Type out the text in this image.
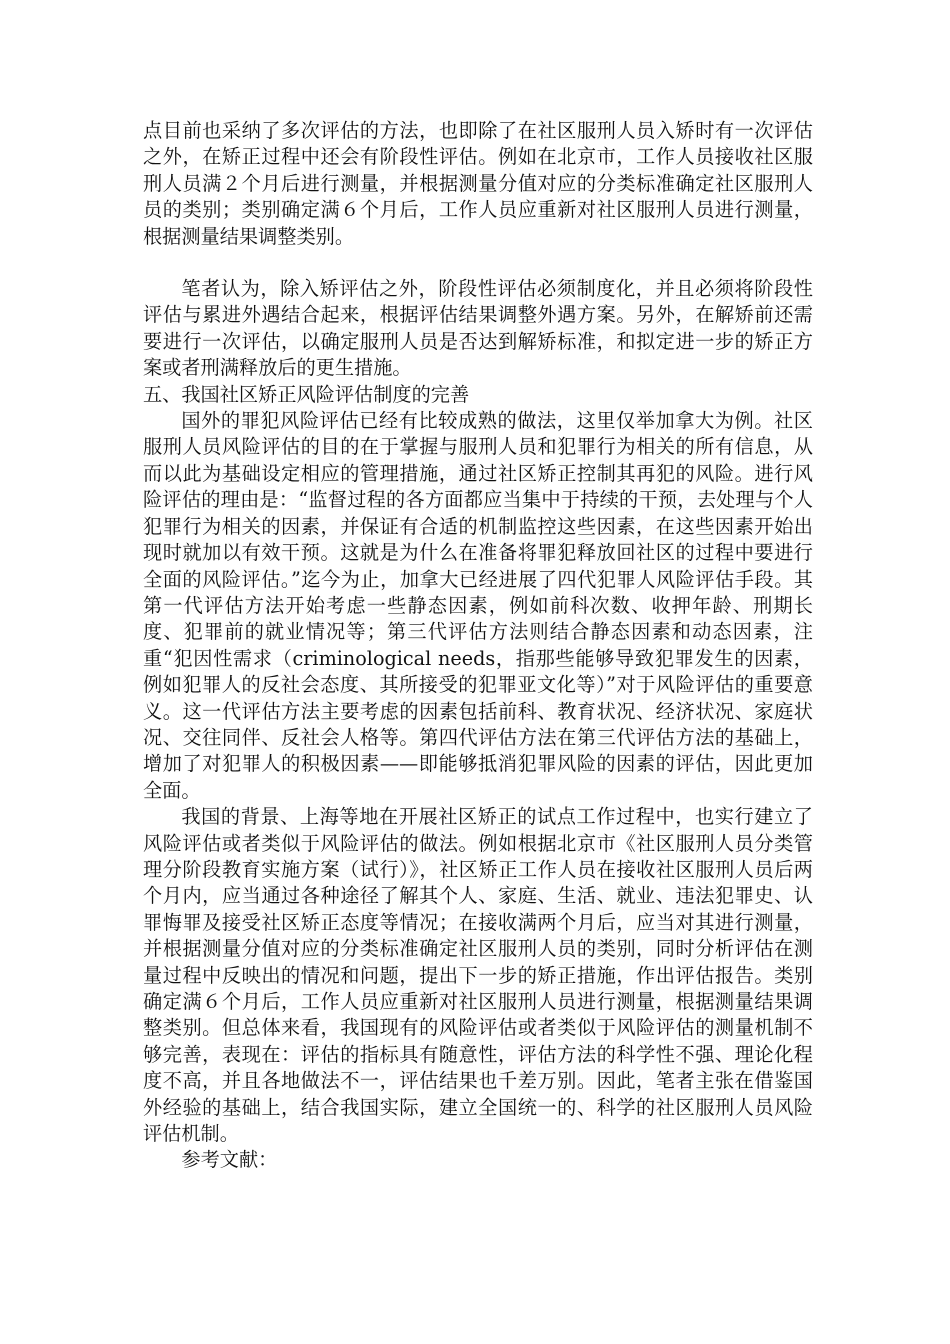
点目前也采纳了多次评估的方法，也即除了在社区服刑人员入矫时有一次评估之外，在矫正过程中还会有阶段性评估。例如在北京市，工作人员接收社区服刑人员满２个月后进行测量，并根据测量分值对应的分类标准确定社区服刑人员的类别；类别确定满６个月后，工作人员应重新对社区服刑人员进行测量，根据测量结果调整类别。

笔者认为，除入矫评估之外，阶段性评估必须制度化，并且必须将阶段性评估与累进外遇结合起来，根据评估结果调整外遇方案。另外，在解矫前还需要进行一次评估，以确定服刑人员是否达到解矫标准，和拟定进一步的矫正方案或者刑满释放后的更生措施。

五、我国社区矫正风险评估制度的完善

国外的罪犯风险评估已经有比较成熟的做法，这里仅举加拿大为例。社区服刑人员风险评估的目的在于掌握与服刑人员和犯罪行为相关的所有信息，从而以此为基础设定相应的管理措施，通过社区矫正控制其再犯的风险。进行风险评估的理由是：“监督过程的各方面都应当集中于持续的干预，去处理与个人犯罪行为相关的因素，并保证有合适的机制监控这些因素，在这些因素开始出现时就加以有效干预。这就是为什么在准备将罪犯释放回社区的过程中要进行全面的风险评估。”迄今为止，加拿大已经进展了四代犯罪人风险评估手段。其第一代评估方法开始考虑一些静态因素，例如前科次数、收押年龄、刑期长度、犯罪前的就业情况等；第三代评估方法则结合静态因素和动态因素，注重“犯因性需求（criminological needs，指那些能够导致犯罪发生的因素，例如犯罪人的反社会态度、其所接受的犯罪亚文化等）”对于风险评估的重要意义。这一代评估方法主要考虑的因素包括前科、教育状况、经济状况、家庭状况、交往同伴、反社会人格等。第四代评估方法在第三代评估方法的基础上，增加了对犯罪人的积极因素——即能够抵消犯罪风险的因素的评估，因此更加全面。

我国的背景、上海等地在开展社区矫正的试点工作过程中，也实行建立了风险评估或者类似于风险评估的做法。例如根据北京市《社区服刑人员分类管理分阶段教育实施方案（试行）》，社区矫正工作人员在接收社区服刑人员后两个月内，应当通过各种途径了解其个人、家庭、生活、就业、违法犯罪史、认罪悔罪及接受社区矫正态度等情况；在接收满两个月后，应当对其进行测量，并根据测量分值对应的分类标准确定社区服刑人员的类别，同时分析评估在测量过程中反映出的情况和问题，提出下一步的矫正措施，作出评估报告。类别确定满６个月后，工作人员应重新对社区服刑人员进行测量，根据测量结果调整类别。但总体来看，我国现有的风险评估或者类似于风险评估的测量机制不够完善，表现在：评估的指标具有随意性，评估方法的科学性不强、理论化程度不高，并且各地做法不一，评估结果也千差万别。因此，笔者主张在借鉴国外经验的基础上，结合我国实际，建立全国统一的、科学的社区服刑人员风险评估机制。

参考文献：
